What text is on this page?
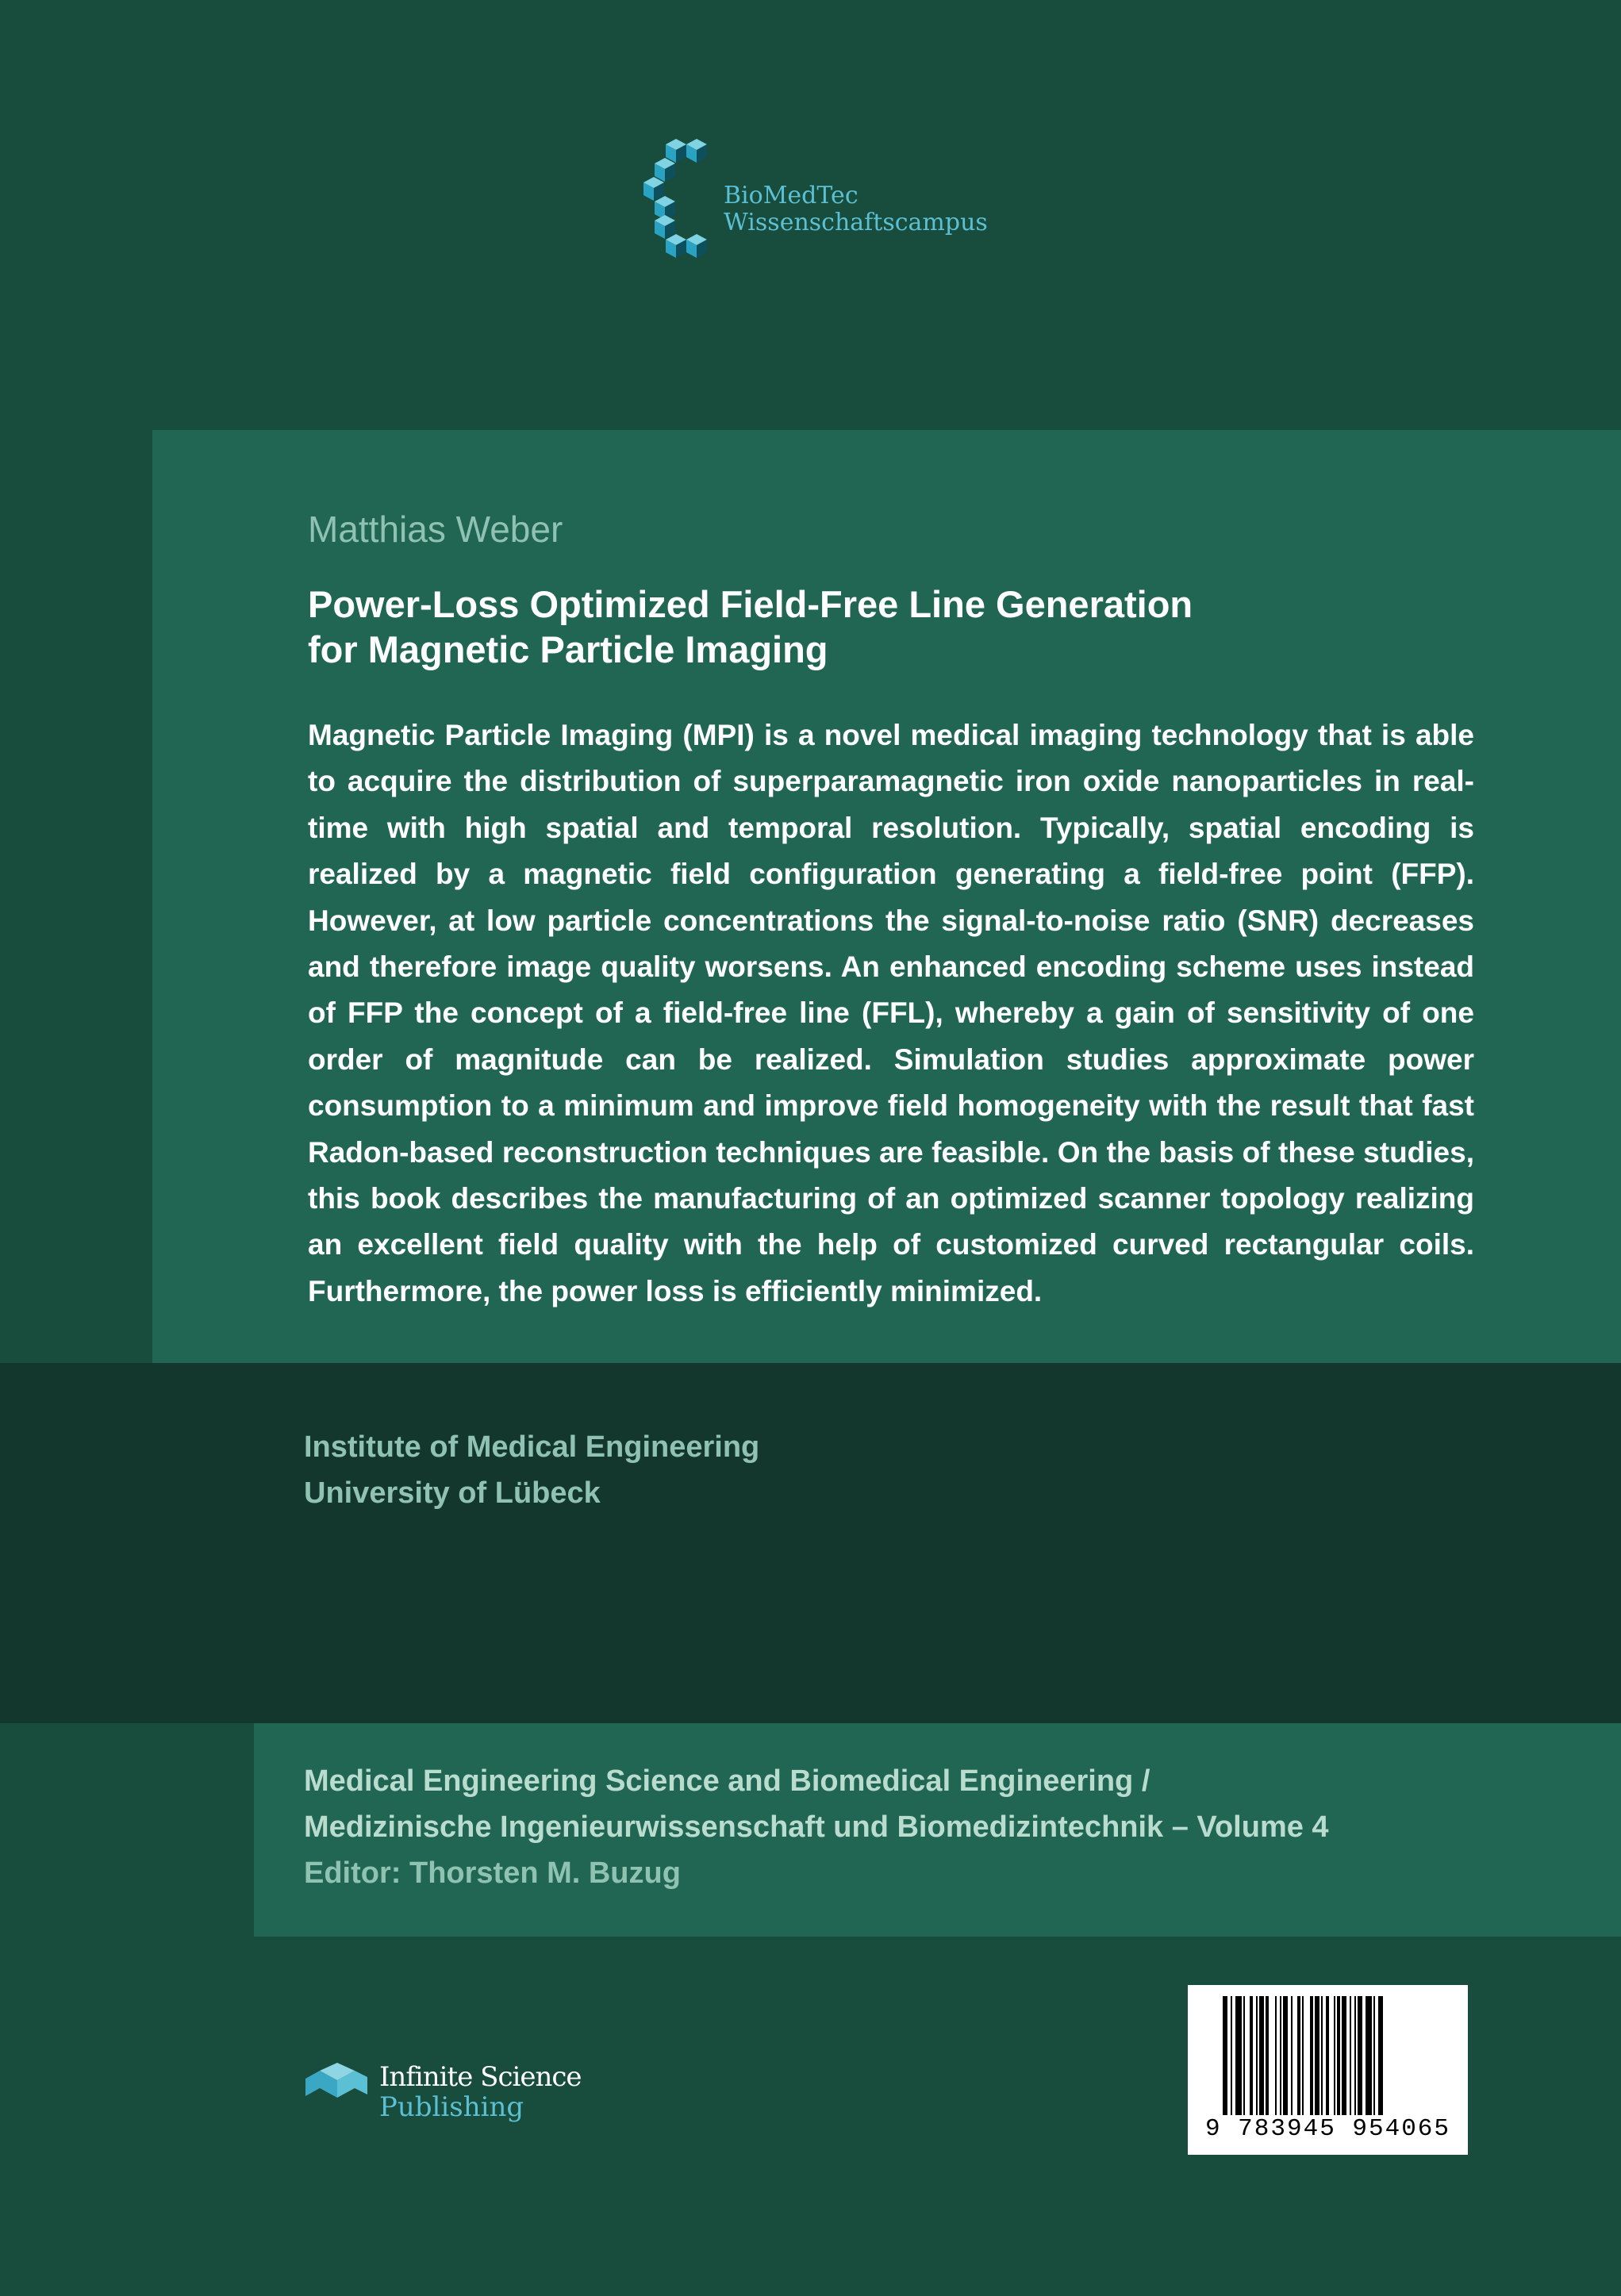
BioMedTec
Wissenschaftscampus
Matthias Weber
Power-Loss Optimized Field-Free Line Generation
for Magnetic Particle Imaging
Magnetic Particle Imaging (MPI) is a novel medical imaging technology that is able to acquire the distribution of superparamagnetic iron oxide nanoparticles in real-time with high spatial and temporal resolution. Typically, spatial encoding is realized by a magnetic field configuration generating a field-free point (FFP). However, at low particle concentrations the signal-to-noise ratio (SNR) decreases and therefore image quality worsens. An enhanced encoding scheme uses instead of FFP the concept of a field-free line (FFL), whereby a gain of sensitivity of one order of magnitude can be realized. Simulation studies approximate power consumption to a minimum and improve field homogeneity with the result that fast Radon-based reconstruction techniques are feasible. On the basis of these studies, this book describes the manufacturing of an optimized scanner topology realizing an excellent field quality with the help of customized curved rectangular coils. Furthermore, the power loss is efficiently minimized.
Institute of Medical Engineering
University of Lübeck
Medical Engineering Science and Biomedical Engineering /
Medizinische Ingenieurwissenschaft und Biomedizintechnik – Volume 4
Editor: Thorsten M. Buzug
Infinite Science
Publishing
9 783945 954065
